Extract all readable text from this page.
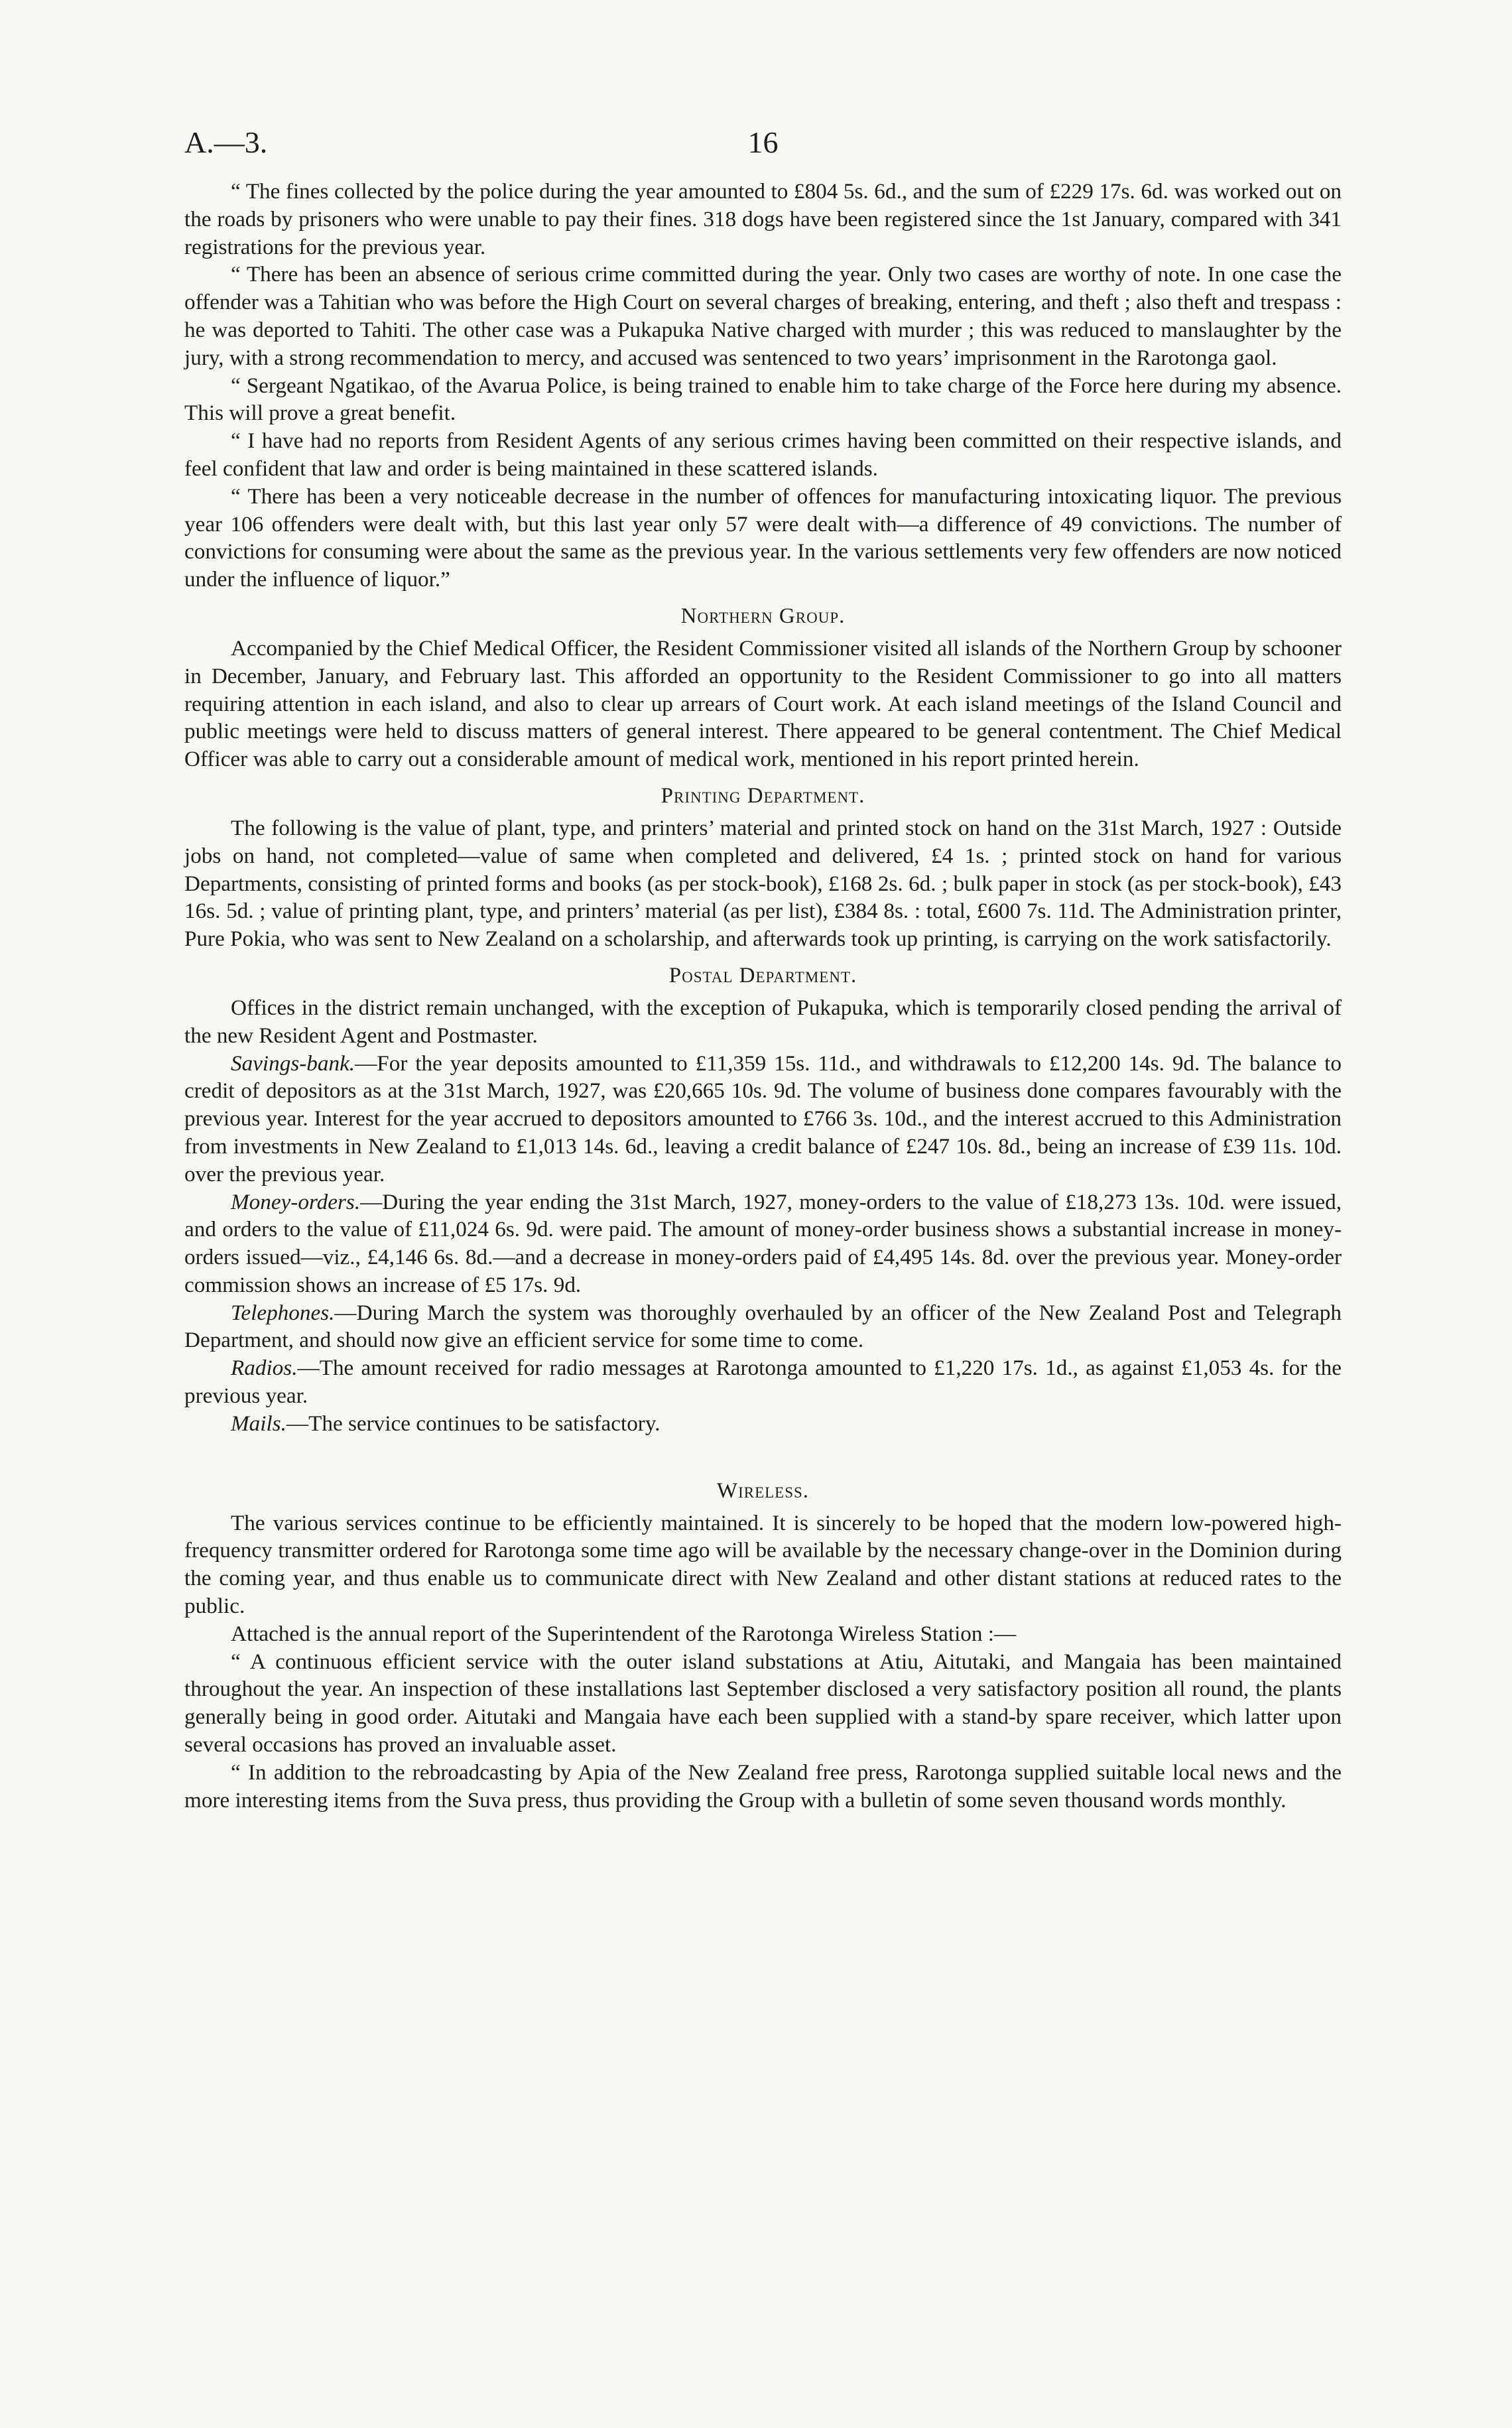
A.—3.	16

“ The fines collected by the police during the year amounted to £804 5s. 6d., and the sum of £229 17s. 6d. was worked out on the roads by prisoners who were unable to pay their fines. 318 dogs have been registered since the 1st January, compared with 341 registrations for the previous year.

“ There has been an absence of serious crime committed during the year. Only two cases are worthy of note. In one case the offender was a Tahitian who was before the High Court on several charges of breaking, entering, and theft ; also theft and trespass : he was deported to Tahiti. The other case was a Pukapuka Native charged with murder ; this was reduced to manslaughter by the jury, with a strong recommendation to mercy, and accused was sentenced to two years’ imprisonment in the Rarotonga gaol.

“ Sergeant Ngatikao, of the Avarua Police, is being trained to enable him to take charge of the Force here during my absence. This will prove a great benefit.

“ I have had no reports from Resident Agents of any serious crimes having been committed on their respective islands, and feel confident that law and order is being maintained in these scattered islands.

“ There has been a very noticeable decrease in the number of offences for manufacturing intoxicating liquor. The previous year 106 offenders were dealt with, but this last year only 57 were dealt with—a difference of 49 convictions. The number of convictions for consuming were about the same as the previous year. In the various settlements very few offenders are now noticed under the influence of liquor.”

Northern Group.

Accompanied by the Chief Medical Officer, the Resident Commissioner visited all islands of the Northern Group by schooner in December, January, and February last. This afforded an opportunity to the Resident Commissioner to go into all matters requiring attention in each island, and also to clear up arrears of Court work. At each island meetings of the Island Council and public meetings were held to discuss matters of general interest. There appeared to be general contentment. The Chief Medical Officer was able to carry out a considerable amount of medical work, mentioned in his report printed herein.

Printing Department.

The following is the value of plant, type, and printers’ material and printed stock on hand on the 31st March, 1927 : Outside jobs on hand, not completed—value of same when completed and delivered, £4 1s. ; printed stock on hand for various Departments, consisting of printed forms and books (as per stock-book), £168 2s. 6d. ; bulk paper in stock (as per stock-book), £43 16s. 5d. ; value of printing plant, type, and printers’ material (as per list), £384 8s. : total, £600 7s. 11d. The Administration printer, Pure Pokia, who was sent to New Zealand on a scholarship, and afterwards took up printing, is carrying on the work satisfactorily.

Postal Department.

Offices in the district remain unchanged, with the exception of Pukapuka, which is temporarily closed pending the arrival of the new Resident Agent and Postmaster.

Savings-bank.—For the year deposits amounted to £11,359 15s. 11d., and withdrawals to £12,200 14s. 9d. The balance to credit of depositors as at the 31st March, 1927, was £20,665 10s. 9d. The volume of business done compares favourably with the previous year. Interest for the year accrued to depositors amounted to £766 3s. 10d., and the interest accrued to this Administration from investments in New Zealand to £1,013 14s. 6d., leaving a credit balance of £247 10s. 8d., being an increase of £39 11s. 10d. over the previous year.

Money-orders.—During the year ending the 31st March, 1927, money-orders to the value of £18,273 13s. 10d. were issued, and orders to the value of £11,024 6s. 9d. were paid. The amount of money-order business shows a substantial increase in money-orders issued—viz., £4,146 6s. 8d.—and a decrease in money-orders paid of £4,495 14s. 8d. over the previous year. Money-order commission shows an increase of £5 17s. 9d.

Telephones.—During March the system was thoroughly overhauled by an officer of the New Zealand Post and Telegraph Department, and should now give an efficient service for some time to come.

Radios.—The amount received for radio messages at Rarotonga amounted to £1,220 17s. 1d., as against £1,053 4s. for the previous year.

Mails.—The service continues to be satisfactory.

Wireless.

The various services continue to be efficiently maintained. It is sincerely to be hoped that the modern low-powered high-frequency transmitter ordered for Rarotonga some time ago will be available by the necessary change-over in the Dominion during the coming year, and thus enable us to communicate direct with New Zealand and other distant stations at reduced rates to the public.

Attached is the annual report of the Superintendent of the Rarotonga Wireless Station :—

“ A continuous efficient service with the outer island substations at Atiu, Aitutaki, and Mangaia has been maintained throughout the year. An inspection of these installations last September disclosed a very satisfactory position all round, the plants generally being in good order. Aitutaki and Mangaia have each been supplied with a stand-by spare receiver, which latter upon several occasions has proved an invaluable asset.

“ In addition to the rebroadcasting by Apia of the New Zealand free press, Rarotonga supplied suitable local news and the more interesting items from the Suva press, thus providing the Group with a bulletin of some seven thousand words monthly.
